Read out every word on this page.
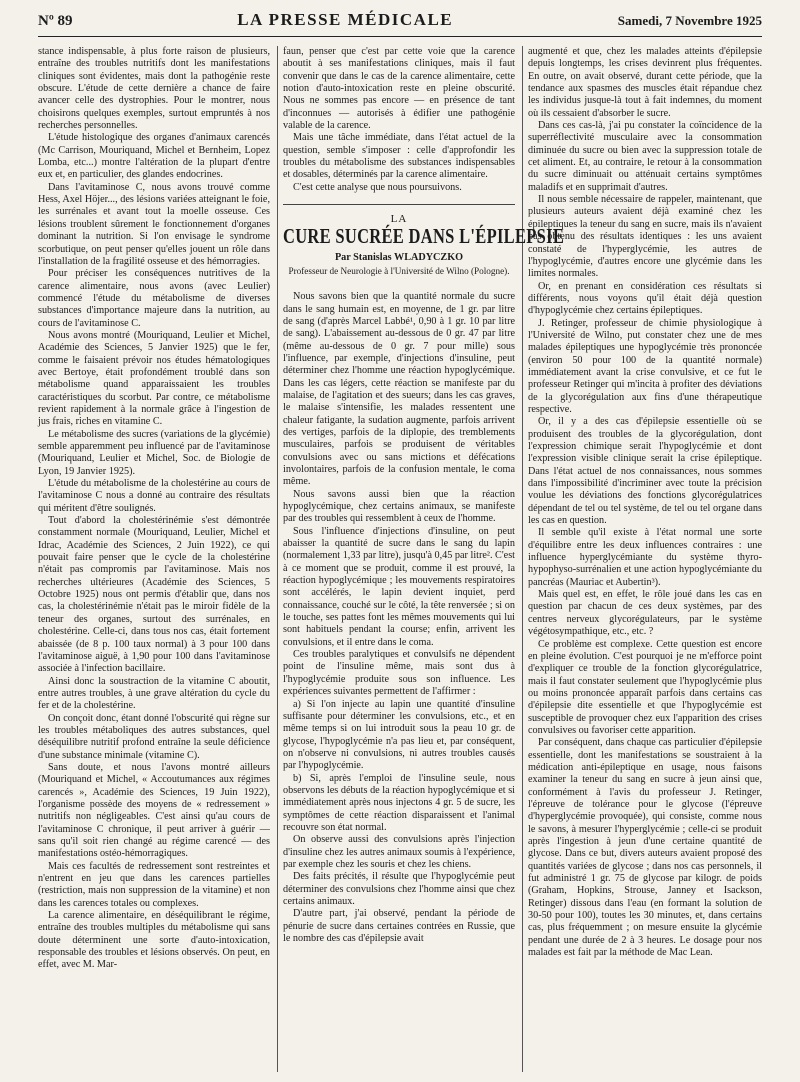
Nº 89	LA PRESSE MÉDICALE	Samedi, 7 Novembre 1925

stance indispensable, à plus forte raison de plusieurs, entraîne des troubles nutritifs dont les manifestations cliniques sont évidentes, mais dont la pathogénie reste obscure. L'étude de cette dernière a chance de faire avancer celle des dystrophies. Pour le montrer, nous choisirons quelques exemples, surtout empruntés à nos recherches personnelles.

L'étude histologique des organes d'animaux carencés (Mc Carrison, Mouriquand, Michel et Bernheim, Lopez Lomba, etc...) montre l'altération de la plupart d'entre eux et, en particulier, des glandes endocrines.

Dans l'avitaminose C, nous avons trouvé comme Hess, Axel Höjer..., des lésions variées atteignant le foie, les surrénales et avant tout la moelle osseuse. Ces lésions troublent sûrement le fonctionnement d'organes dominant la nutrition. Si l'on envisage le syndrome scorbutique, on peut penser qu'elles jouent un rôle dans l'installation de la fragilité osseuse et des hémorragies.

Pour préciser les conséquences nutritives de la carence alimentaire, nous avons (avec Leulier) commencé l'étude du métabolisme de diverses substances d'importance majeure dans la nutrition, au cours de l'avitaminose C.

Nous avons montré (Mouriquand, Leulier et Michel, Académie des Sciences, 5 Janvier 1925) que le fer, comme le faisaient prévoir nos études hématologiques avec Bertoye, était profondément troublé dans son métabolisme quand apparaissaient les troubles caractéristiques du scorbut. Par contre, ce métabolisme revient rapidement à la normale grâce à l'ingestion de jus frais, riches en vitamine C.

Le métabolisme des sucres (variations de la glycémie) semble apparemment peu influencé par de l'avitaminose (Mouriquand, Leulier et Michel, Soc. de Biologie de Lyon, 19 Janvier 1925).

L'étude du métabolisme de la cholestérine au cours de l'avitaminose C nous a donné au contraire des résultats qui méritent d'être soulignés.

Tout d'abord la cholestérinémie s'est démontrée constamment normale (Mouriquand, Leulier, Michel et Idrac, Académie des Sciences, 2 Juin 1922), ce qui pouvait faire penser que le cycle de la cholestérine n'était pas compromis par l'avitaminose. Mais nos recherches ultérieures (Académie des Sciences, 5 Octobre 1925) nous ont permis d'établir que, dans nos cas, la cholestérinémie n'était pas le miroir fidèle de la teneur des organes, surtout des surrénales, en cholestérine. Celle-ci, dans tous nos cas, était fortement abaissée (de 8 p. 100 taux normal) à 3 pour 100 dans l'avitaminose aiguë, à 1,90 pour 100 dans l'avitaminose associée à l'infection bacillaire.

Ainsi donc la soustraction de la vitamine C aboutit, entre autres troubles, à une grave altération du cycle du fer et de la cholestérine.

On conçoit donc, étant donné l'obscurité qui règne sur les troubles métaboliques des autres substances, quel déséquilibre nutritif profond entraîne la seule déficience d'une substance minimale (vitamine C).

Sans doute, et nous l'avons montré ailleurs (Mouriquand et Michel, « Accoutumances aux régimes carencés », Académie des Sciences, 19 Juin 1922), l'organisme possède des moyens de « redressement » nutritifs non négligeables. C'est ainsi qu'au cours de l'avitaminose C chronique, il peut arriver à guérir — sans qu'il soit rien changé au régime carencé — des manifestations ostéo-hémorragiques.

Mais ces facultés de redressement sont restreintes et n'entrent en jeu que dans les carences partielles (restriction, mais non suppression de la vitamine) et non dans les carences totales ou complexes.

La carence alimentaire, en déséquilibrant le régime, entraîne des troubles multiples du métabolisme qui sans doute déterminent une sorte d'auto-intoxication, responsable des troubles et lésions observés. On peut, en effet, avec M. Mar-

faun, penser que c'est par cette voie que la carence aboutit à ses manifestations cliniques, mais il faut convenir que dans le cas de la carence alimentaire, cette notion d'auto-intoxication reste en pleine obscurité. Nous ne sommes pas encore — en présence de tant d'inconnues — autorisés à édifier une pathogénie valable de la carence.

Mais une tâche immédiate, dans l'état actuel de la question, semble s'imposer : celle d'approfondir les troubles du métabolisme des substances indispensables et dosables, déterminés par la carence alimentaire.

C'est cette analyse que nous poursuivons.

LA
CURE SUCRÉE DANS L'ÉPILEPSIE
Par Stanislas WLADYCZKO
Professeur de Neurologie à l'Université de Wilno (Pologne).

Nous savons bien que la quantité normale du sucre dans le sang humain est, en moyenne, de 1 gr. par litre de sang (d'après Marcel Labbé¹, 0,90 à 1 gr. 10 par litre de sang). L'abaissement au-dessous de 0 gr. 47 par litre (même au-dessous de 0 gr. 7 pour mille) sous l'influence, par exemple, d'injections d'insuline, peut déterminer chez l'homme une réaction hypoglycémique. Dans les cas légers, cette réaction se manifeste par du malaise, de l'agitation et des sueurs; dans les cas graves, le malaise s'intensifie, les malades ressentent une chaleur fatigante, la sudation augmente, parfois arrivent des vertiges, parfois de la diplopie, des tremblements musculaires, parfois se produisent de véritables convulsions avec ou sans mictions et défécations involontaires, parfois de la confusion mentale, le coma même.

Nous savons aussi bien que la réaction hypoglycémique, chez certains animaux, se manifeste par des troubles qui ressemblent à ceux de l'homme.

Sous l'influence d'injections d'insuline, on peut abaisser la quantité de sucre dans le sang du lapin (normalement 1,33 par litre), jusqu'à 0,45 par litre². C'est à ce moment que se produit, comme il est prouvé, la réaction hypoglycémique ; les mouvements respiratoires sont accélérés, le lapin devient inquiet, perd connaissance, couché sur le côté, la tête renversée ; si on le touche, ses pattes font les mêmes mouvements qui lui sont habituels pendant la course; enfin, arrivent les convulsions, et il entre dans le coma.

Ces troubles paralytiques et convulsifs ne dépendent point de l'insuline même, mais sont dus à l'hypoglycémie produite sous son influence. Les expériences suivantes permettent de l'affirmer :

a) Si l'on injecte au lapin une quantité d'insuline suffisante pour déterminer les convulsions, etc., et en même temps si on lui introduit sous la peau 10 gr. de glycose, l'hypoglycémie n'a pas lieu et, par conséquent, on n'observe ni convulsions, ni autres troubles causés par l'hypoglycémie.

b) Si, après l'emploi de l'insuline seule, nous observons les débuts de la réaction hypoglycémique et si immédiatement après nous injectons 4 gr. 5 de sucre, les symptômes de cette réaction disparaissent et l'animal recouvre son état normal.

On observe aussi des convulsions après l'injection d'insuline chez les autres animaux soumis à l'expérience, par exemple chez les souris et chez les chiens.

Des faits précités, il résulte que l'hypoglycémie peut déterminer des convulsions chez l'homme ainsi que chez certains animaux.

D'autre part, j'ai observé, pendant la période de pénurie de sucre dans certaines contrées en Russie, que le nombre des cas d'épilepsie avait

augmenté et que, chez les malades atteints d'épilepsie depuis longtemps, les crises devinrent plus fréquentes. En outre, on avait observé, durant cette période, que la tendance aux spasmes des muscles était répandue chez les individus jusque-là tout à fait indemnes, du moment où ils cessaient d'absorber le sucre.

Dans ces cas-là, j'ai pu constater la coïncidence de la superréflectivité musculaire avec la consommation diminuée du sucre ou bien avec la suppression totale de cet aliment. Et, au contraire, le retour à la consommation du sucre diminuait ou atténuait certains symptômes maladifs et en supprimait d'autres.

Il nous semble nécessaire de rappeler, maintenant, que plusieurs auteurs avaient déjà examiné chez les épileptiques la teneur du sang en sucre, mais ils n'avaient pas obtenu des résultats identiques : les uns avaient constaté de l'hyperglycémie, les autres de l'hypoglycémie, d'autres encore une glycémie dans les limites normales.

Or, en prenant en considération ces résultats si différents, nous voyons qu'il était déjà question d'hypoglycémie chez certains épileptiques.

J. Retinger, professeur de chimie physiologique à l'Université de Wilno, put constater chez une de mes malades épileptiques une hypoglycémie très prononcée (environ 50 pour 100 de la quantité normale) immédiatement avant la crise convulsive, et ce fut le professeur Retinger qui m'incita à profiter des déviations de la glycorégulation aux fins d'une thérapeutique respective.

Or, il y a des cas d'épilepsie essentielle où se produisent des troubles de la glycorégulation, dont l'expression chimique serait l'hypoglycémie et dont l'expression visible clinique serait la crise épileptique. Dans l'état actuel de nos connaissances, nous sommes dans l'impossibilité d'incriminer avec toute la précision voulue les déviations des fonctions glycorégulatrices dépendant de tel ou tel système, de tel ou tel organe dans les cas en question.

Il semble qu'il existe à l'état normal une sorte d'équilibre entre les deux influences contraires : une influence hyperglycémiante du système thyro-hypophyso-surrénalien et une action hypoglycémiante du pancréas (Mauriac et Aubertin³).

Mais quel est, en effet, le rôle joué dans les cas en question par chacun de ces deux systèmes, par des centres nerveux glycorégulateurs, par le système végétosympathique, etc., etc. ?

Ce problème est complexe. Cette question est encore en pleine évolution. C'est pourquoi je ne m'efforce point d'expliquer ce trouble de la fonction glycorégulatrice, mais il faut constater seulement que l'hypoglycémie plus ou moins prononcée apparaît parfois dans certains cas d'épilepsie dite essentielle et que l'hypoglycémie est susceptible de provoquer chez eux l'apparition des crises convulsives ou favoriser cette apparition.

Par conséquent, dans chaque cas particulier d'épilepsie essentielle, dont les manifestations se soustraient à la médication anti-épileptique en usage, nous faisons examiner la teneur du sang en sucre à jeun ainsi que, conformément à l'avis du professeur J. Retinger, l'épreuve de tolérance pour le glycose (l'épreuve d'hyperglycémie provoquée), qui consiste, comme nous le savons, à mesurer l'hyperglycémie ; celle-ci se produit après l'ingestion à jeun d'une certaine quantité de glycose. Dans ce but, divers auteurs avaient proposé des quantités variées de glycose ; dans nos cas personnels, il fut administré 1 gr. 75 de glycose par kilogr. de poids (Graham, Hopkins, Strouse, Janney et Isackson, Retinger) dissous dans l'eau (en formant la solution de 30-50 pour 100), toutes les 30 minutes, et, dans certains cas, plus fréquemment ; on mesure ensuite la glycémie pendant une durée de 2 à 3 heures. Le dosage pour nos malades est fait par la méthode de Mac Lean.
